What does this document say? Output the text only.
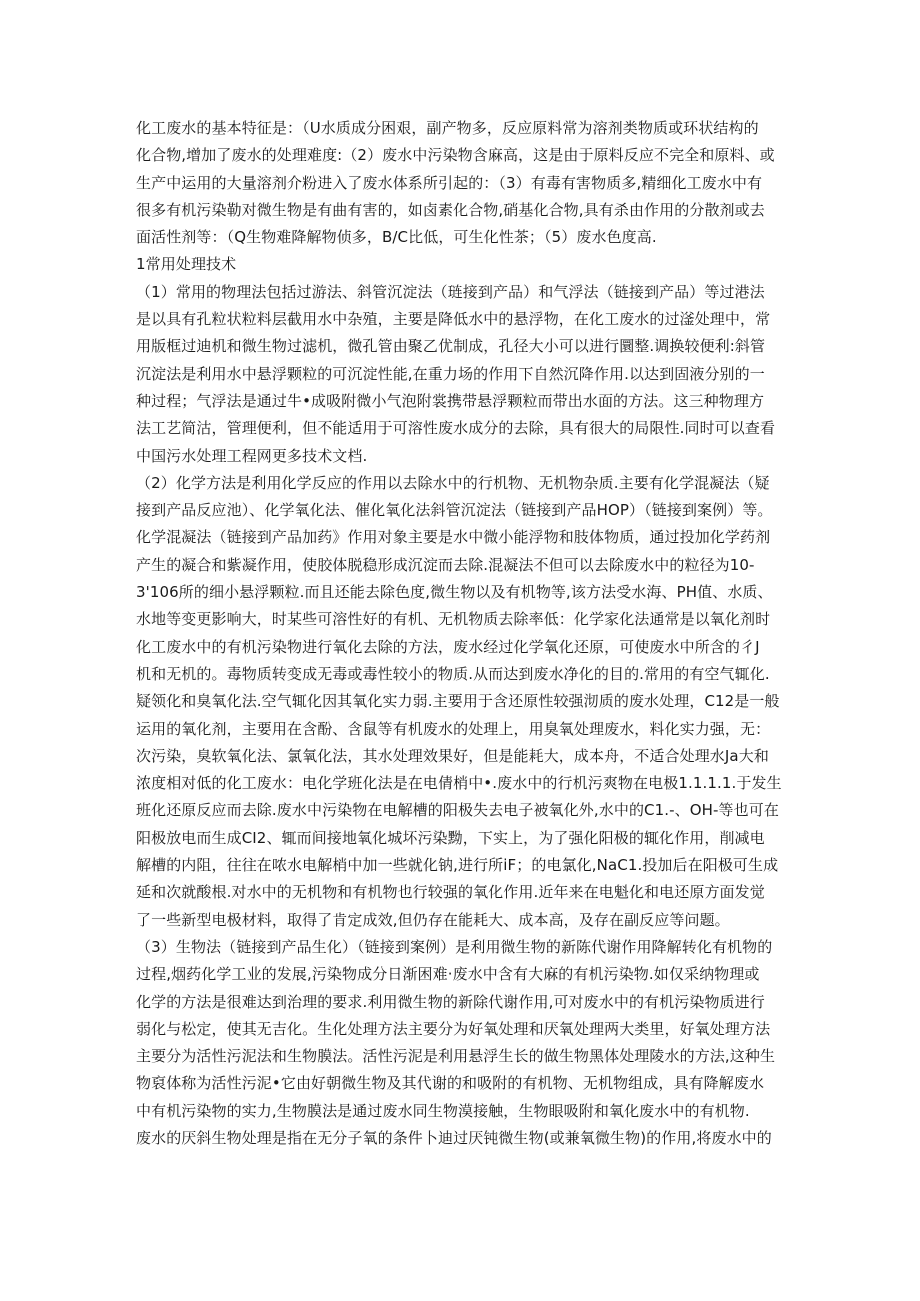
化工废水的基本特征是：（U水质成分困艰，副产物多，反应原料常为溶剂类物质或环状结构的
化合物,增加了废水的处理难度:（2）废水中污染物含麻高，这是由于原料反应不完全和原料、或
生产中运用的大量溶剂介粉进入了废水体系所引起的：（3）有毒有害物质多,精细化工废水中有
很多有机污染勒对微生物是有曲有害的，如卤素化合物,硝基化合物,具有杀由作用的分散剂或去
面活性剂等：（Q生物难降解物侦多，B/C比低，可生化性茶；（5）废水色度高.
1常用处理技术
（1）常用的物理法包括过游法、斜管沉淀法（琏接到产品）和气浮法（链接到产品）等过港法
是以具有孔粒状粒料层截用水中杂殖，主要是降低水中的悬浮物，在化工废水的过滏处理中，常
用版框过迪机和微生物过滤机，微孔管由聚乙优制成，孔径大小可以进行圜整.调换较便利:斜管
沉淀法是利用水中悬浮颗粒的可沉淀性能,在重力场的作用下自然沉降作用.以达到固液分别的一
种过程；气浮法是通过牛•成吸附微小气泡附裳携带悬浮颗粒而带出水面的方法。这三种物理方
法工艺简沽，管理便利，但不能适用于可溶性废水成分的去除，具有很大的局限性.同时可以查看
中国污水处理工程网更多技术文档.
（2）化学方法是利用化学反应的作用以去除水中的行机物、无机物杂质.主要有化学混凝法（疑
接到产品反应池）、化学氧化法、催化氧化法斜管沉淀法（链接到产品HOP）（链接到案例）等。
化学混凝法（链接到产品加药》作用对象主要是水中微小能浮物和肢体物质，通过投加化学药剂
产生的凝合和紫凝作用，使胶体脱稳形成沉淀而去除.混凝法不但可以去除废水中的粒径为10-
3'106所的细小悬浮颗粒.而且还能去除色度,微生物以及有机物等,该方法受水海、PH值、水质、
水地等变更影响大，时某些可溶性好的有机、无机物质去除率低：化学家化法通常是以氧化剂时
化工废水中的有机污染物进行氧化去除的方法，废水经过化学氧化还原，可使废水中所含的彳J
机和无机的。毒物质转变成无毒或毒性较小的物质.从而达到废水净化的目的.常用的有空气辄化.
疑领化和臭氧化法.空气辄化因其氧化实力弱.主要用于含还原性较强沏质的废水处理，C12是一般
运用的氧化剂，主要用在含酚、含鼠等有机废水的处理上，用臭氧处理废水，料化实力强，无：
次污染，臭软氧化法、氯氧化法，其水处理效果好，但是能耗大，成本舟，不适合处理水Ja大和
浓度相对低的化工废水：电化学班化法是在电倩梢中•.废水中的行机污爽物在电极1.1.1.1.于发生
班化还原反应而去除.废水中污染物在电解槽的阳极失去电子被氧化外,水中的C1.-、OH-等也可在
阳极放电而生成CI2、辄而间接地氧化城坏污染黝，下实上，为了强化阳极的辄化作用，削减电
解槽的内阻，往往在哝水电解梢中加一些就化钠,进行所iF；的电氯化,NaC1.投加后在阳极可生成
延和次就酸根.对水中的无机物和有机物也行较强的氧化作用.近年来在电魁化和电还原方面发觉
了一些新型电极材料，取得了肯定成效,但仍存在能耗大、成本高，及存在副反应等问题。
（3）生物法（链接到产品生化）（链接到案例）是利用微生物的新陈代谢作用降解转化有机物的
过程,烟药化学工业的发展,污染物成分日渐困难·废水中含有大麻的有机污染物.如仅采纳物理或
化学的方法是很难达到治理的要求.利用微生物的新除代谢作用,可对废水中的有机污染物质进行
弱化与松定，使其无吉化。生化处理方法主要分为好氧处理和厌氧处理两大类里，好氧处理方法
主要分为活性污泥法和生物膜法。活性污泥是利用悬浮生长的做生物黑体处理陵水的方法,这种生
物裒体称为活性污泥•它由好朝微生物及其代谢的和吸附的有机物、无机物组成，具有降解废水
中有机污染物的实力,生物膜法是通过废水同生物漠接触，生物眼吸附和氧化废水中的有机物.
废水的厌斜生物处理是指在无分子氧的条件卜迪过厌钝微生物(或兼氧微生物)的作用,将废水中的
